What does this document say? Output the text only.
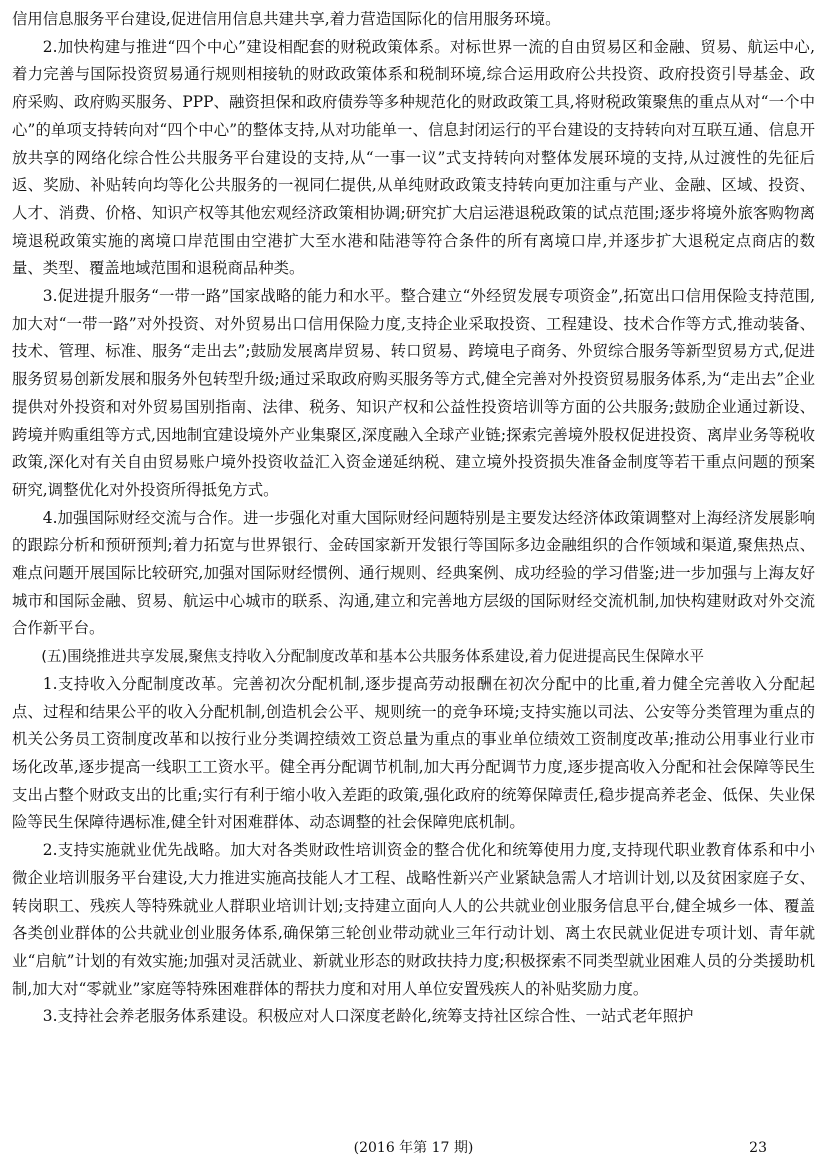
信用信息服务平台建设,促进信用信息共建共享,着力营造国际化的信用服务环境。

2.加快构建与推进“四个中心”建设相配套的财税政策体系。对标世界一流的自由贸易区和金融、贸易、航运中心,着力完善与国际投资贸易通行规则相接轨的财政政策体系和税制环境,综合运用政府公共投资、政府投资引导基金、政府采购、政府购买服务、PPP、融资担保和政府债券等多种规范化的财政政策工具,将财税政策聚焦的重点从对“一个中心”的单项支持转向对“四个中心”的整体支持,从对功能单一、信息封闭运行的平台建设的支持转向对互联互通、信息开放共享的网络化综合性公共服务平台建设的支持,从“一事一议”式支持转向对整体发展环境的支持,从过渡性的先征后返、奖励、补贴转向均等化公共服务的一视同仁提供,从单纯财政政策支持转向更加注重与产业、金融、区域、投资、人才、消费、价格、知识产权等其他宏观经济政策相协调;研究扩大启运港退税政策的试点范围;逐步将境外旅客购物离境退税政策实施的离境口岸范围由空港扩大至水港和陆港等符合条件的所有离境口岸,并逐步扩大退税定点商店的数量、类型、覆盖地域范围和退税商品种类。

3.促进提升服务“一带一路”国家战略的能力和水平。整合建立“外经贸发展专项资金”,拓宽出口信用保险支持范围,加大对“一带一路”对外投资、对外贸易出口信用保险力度,支持企业采取投资、工程建设、技术合作等方式,推动装备、技术、管理、标准、服务“走出去”;鼓励发展离岸贸易、转口贸易、跨境电子商务、外贸综合服务等新型贸易方式,促进服务贸易创新发展和服务外包转型升级;通过采取政府购买服务等方式,健全完善对外投资贸易服务体系,为“走出去”企业提供对外投资和对外贸易国别指南、法律、税务、知识产权和公益性投资培训等方面的公共服务;鼓励企业通过新设、跨境并购重组等方式,因地制宜建设境外产业集聚区,深度融入全球产业链;探索完善境外股权促进投资、离岸业务等税收政策,深化对有关自由贸易账户境外投资收益汇入资金递延纳税、建立境外投资损失准备金制度等若干重点问题的预案研究,调整优化对外投资所得抵免方式。

4.加强国际财经交流与合作。进一步强化对重大国际财经问题特别是主要发达经济体政策调整对上海经济发展影响的跟踪分析和预研预判;着力拓宽与世界银行、金砖国家新开发银行等国际多边金融组织的合作领域和渠道,聚焦热点、难点问题开展国际比较研究,加强对国际财经惯例、通行规则、经典案例、成功经验的学习借鉴;进一步加强与上海友好城市和国际金融、贸易、航运中心城市的联系、沟通,建立和完善地方层级的国际财经交流机制,加快构建财政对外交流合作新平台。

(五)围绕推进共享发展,聚焦支持收入分配制度改革和基本公共服务体系建设,着力促进提高民生保障水平

1.支持收入分配制度改革。完善初次分配机制,逐步提高劳动报酬在初次分配中的比重,着力健全完善收入分配起点、过程和结果公平的收入分配机制,创造机会公平、规则统一的竞争环境;支持实施以司法、公安等分类管理为重点的机关公务员工资制度改革和以按行业分类调控绩效工资总量为重点的事业单位绩效工资制度改革;推动公用事业行业市场化改革,逐步提高一线职工工资水平。健全再分配调节机制,加大再分配调节力度,逐步提高收入分配和社会保障等民生支出占整个财政支出的比重;实行有利于缩小收入差距的政策,强化政府的统筹保障责任,稳步提高养老金、低保、失业保险等民生保障待遇标准,健全针对困难群体、动态调整的社会保障兜底机制。

2.支持实施就业优先战略。加大对各类财政性培训资金的整合优化和统筹使用力度,支持现代职业教育体系和中小微企业培训服务平台建设,大力推进实施高技能人才工程、战略性新兴产业紧缺急需人才培训计划,以及贫困家庭子女、转岗职工、残疾人等特殊就业人群职业培训计划;支持建立面向人人的公共就业创业服务信息平台,健全城乡一体、覆盖各类创业群体的公共就业创业服务体系,确保第三轮创业带动就业三年行动计划、离土农民就业促进专项计划、青年就业“启航”计划的有效实施;加强对灵活就业、新就业形态的财政扶持力度;积极探索不同类型就业困难人员的分类援助机制,加大对“零就业”家庭等特殊困难群体的帮扶力度和对用人单位安置残疾人的补贴奖励力度。

3.支持社会养老服务体系建设。积极应对人口深度老龄化,统筹支持社区综合性、一站式老年照护

(2016 年第 17 期)	23
